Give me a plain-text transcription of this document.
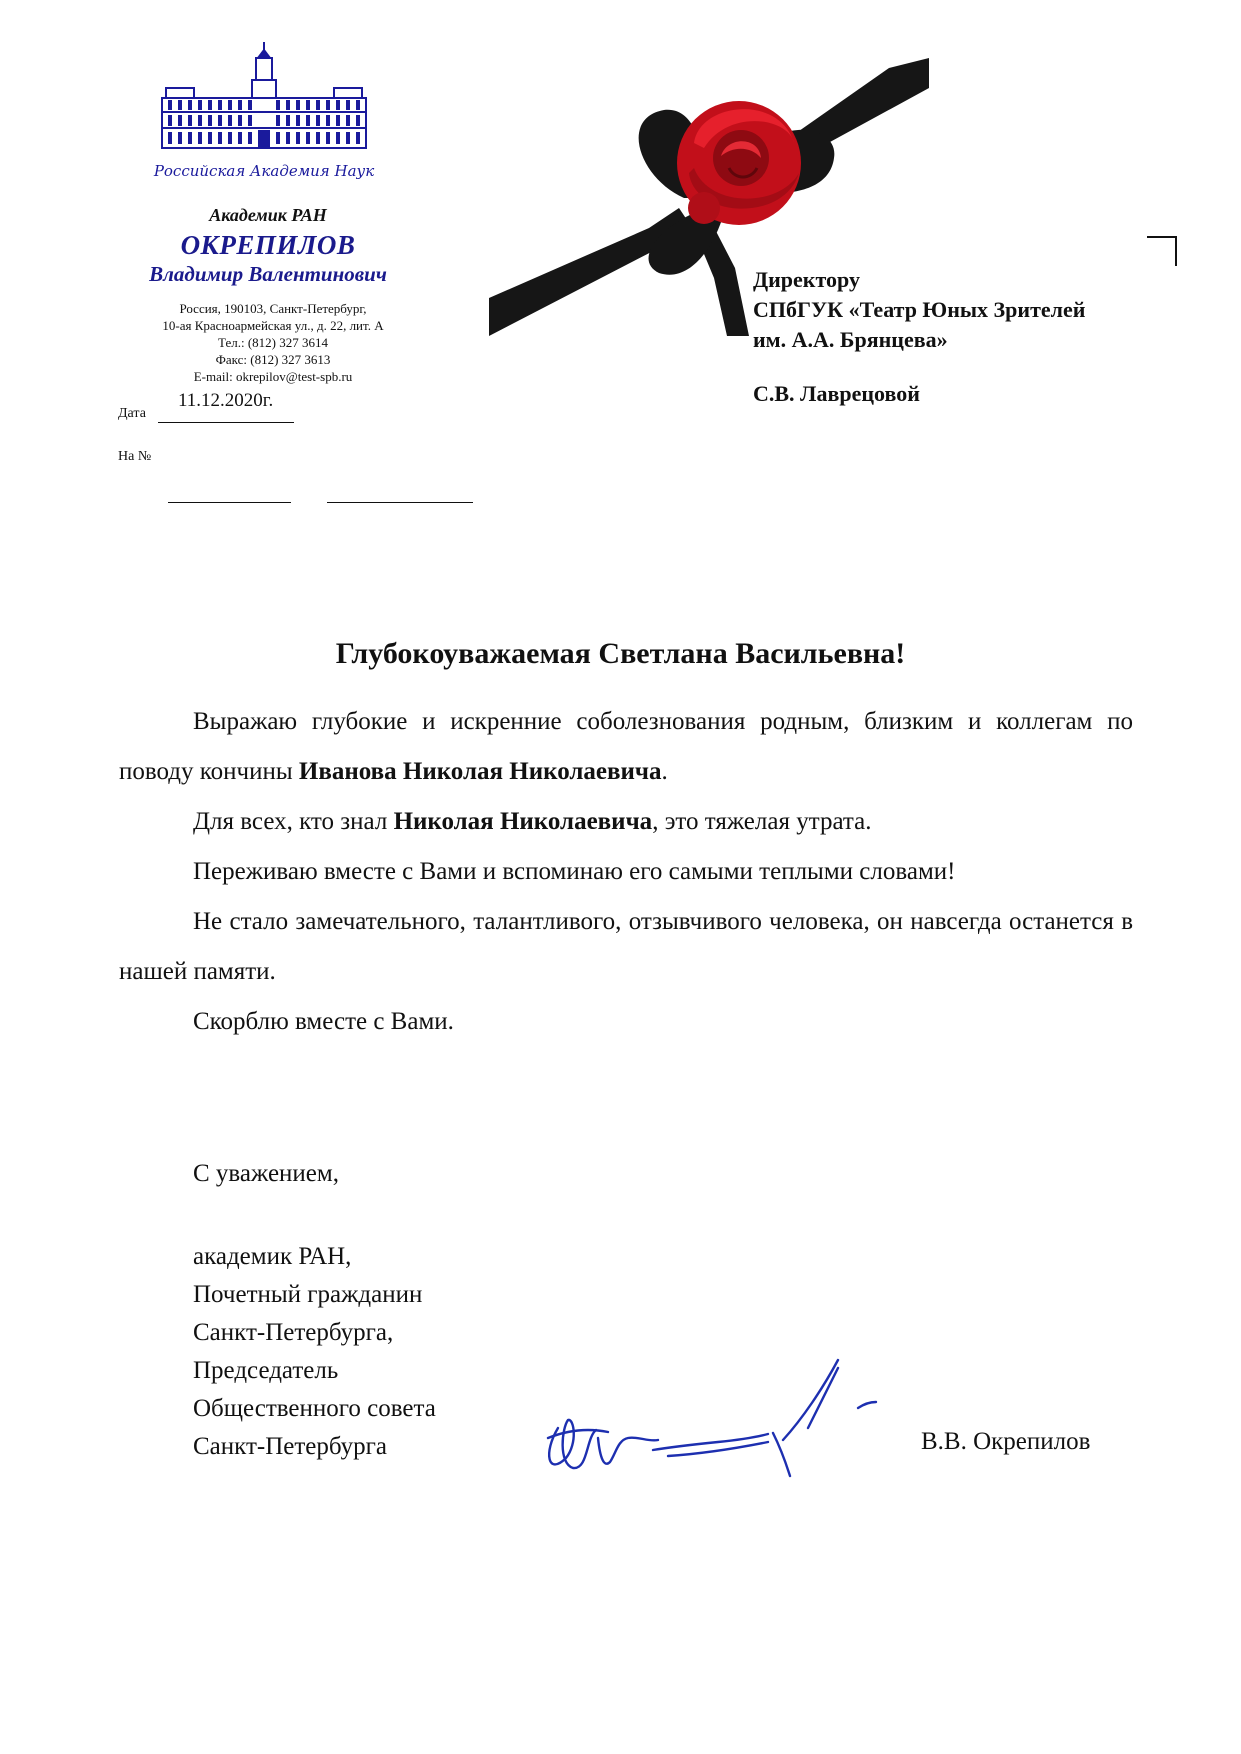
Российская Академия Наук
Академик РАН
ОКРЕПИЛОВ
Владимир Валентинович
Россия, 190103, Санкт-Петербург,
10-ая Красноармейская ул., д. 22, лит. А
Тел.: (812) 327 3614
Факс: (812) 327 3613
E-mail: okrepilov@test-spb.ru
11.12.2020г.
Дата
На №
Директору
СПбГУК «Театр Юных Зрителей
им. А.А. Брянцева»
С.В. Лаврецовой
Глубокоуважаемая Светлана Васильевна!

Выражаю глубокие и искренние соболезнования родным, близким и коллегам по поводу кончины Иванова Николая Николаевича.

Для всех, кто знал Николая Николаевича, это тяжелая утрата.

Переживаю вместе с Вами и вспоминаю его самыми теплыми словами!

Не стало замечательного, талантливого, отзывчивого человека, он навсегда останется в нашей памяти.

Скорблю вместе с Вами.

С уважением,
академик РАН,
Почетный гражданин
Санкт-Петербурга,
Председатель
Общественного совета
Санкт-Петербурга	В.В. Окрепилов
